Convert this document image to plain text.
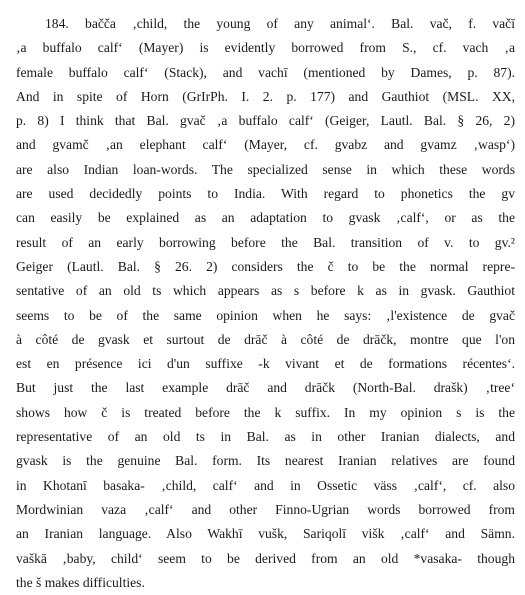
184. bačča ‚child, the young of any animal‘. Bal. vač, f. vačī
‚a buffalo calf‘ (Mayer) is evidently borrowed from S., cf. vach ‚a
female buffalo calf‘ (Stack), and vachī (mentioned by Dames, p. 87).
And in spite of Horn (GrIrPh. I. 2. p. 177) and Gauthiot (MSL. XX,
p. 8) I think that Bal. gvač ‚a buffalo calf‘ (Geiger, Lautl. Bal. § 26, 2)
and gvamč ‚an elephant calf‘ (Mayer, cf. gvabz and gvamz ‚wasp‘)
are also Indian loan-words. The specialized sense in which these words
are used decidedly points to India. With regard to phonetics the gv
can easily be explained as an adaptation to gvask ‚calf‘, or as the
result of an early borrowing before the Bal. transition of v. to gv.²
Geiger (Lautl. Bal. § 26. 2) considers the č to be the normal repre-
sentative of an old ts which appears as s before k as in gvask. Gauthiot
seems to be of the same opinion when he says: ‚l'existence de gvač
à côté de gvask et surtout de drāč à côté de drāčk, montre que l'on
est en présence ici d'un suffixe -k vivant et de formations récentes‘.
But just the last example drāč and drāčk (North-Bal. drašk) ‚tree‘
shows how č is treated before the k suffix. In my opinion s is the
representative of an old ts in Bal. as in other Iranian dialects, and
gvask is the genuine Bal. form. Its nearest Iranian relatives are found
in Khotanī basaka- ‚child, calf‘ and in Ossetic väss ‚calf‘, cf. also
Mordwinian vaza ‚calf‘ and other Finno-Ugrian words borrowed from
an Iranian language. Also Wakhī vušk, Sariqolī višk ‚calf‘ and Sämn.
vaškā ‚baby, child‘ seem to be derived from an old *vasaka- though
the š makes difficulties.
